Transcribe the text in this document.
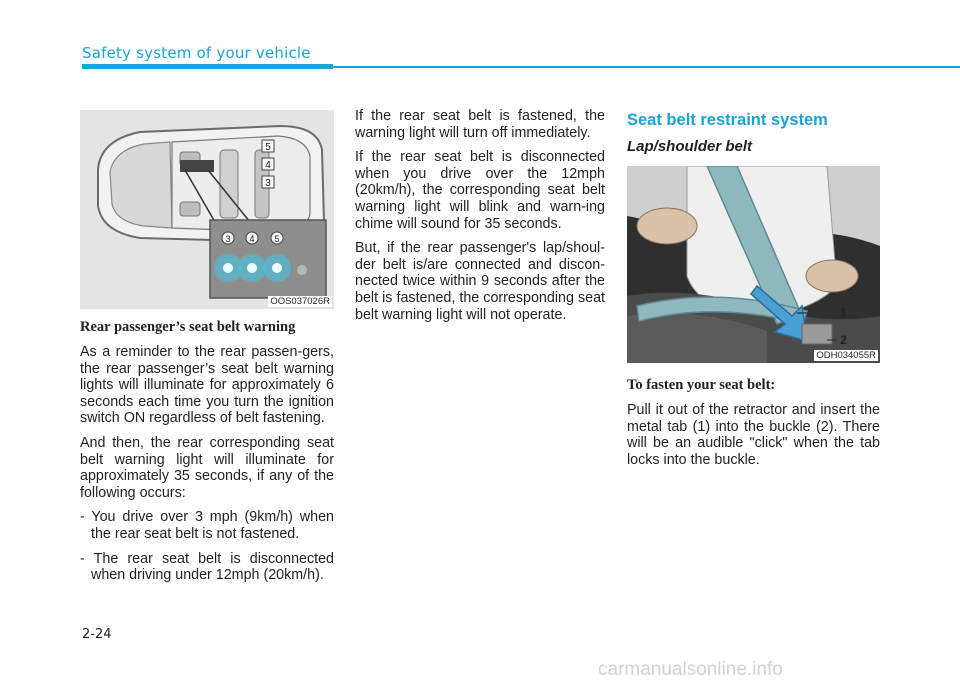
Safety system of your vehicle
3 4 5
5
4
3
OOS037026R
Rear passenger’s seat belt warning

As a reminder to the rear passen-gers, the rear passenger’s seat belt warning lights will illuminate for approximately 6 seconds each time you turn the ignition switch ON regardless of belt fastening.

And then, the rear corresponding seat belt warning light will illuminate for approximately 35 seconds, if any of the following occurs:

- You drive over 3 mph (9km/h) when the rear seat belt is not fastened.

- The rear seat belt is disconnected when driving under 12mph (20km/h).

If the rear seat belt is fastened, the warning light will turn off immediately.

If the rear seat belt is disconnected when you drive over the 12mph (20km/h), the corresponding seat belt warning light will blink and warn-ing chime will sound for 35 seconds.

But, if the rear passenger's lap/shoul-der belt is/are connected and discon-nected twice within 9 seconds after the belt is fastened, the corresponding seat belt warning light will not operate.

Seat belt restraint system
Lap/shoulder belt
1
2
ODH034055R
To fasten your seat belt:

Pull it out of the retractor and insert the metal tab (1) into the buckle (2). There will be an audible "click" when the tab locks into the buckle.

2-24
carmanualsonline.info
